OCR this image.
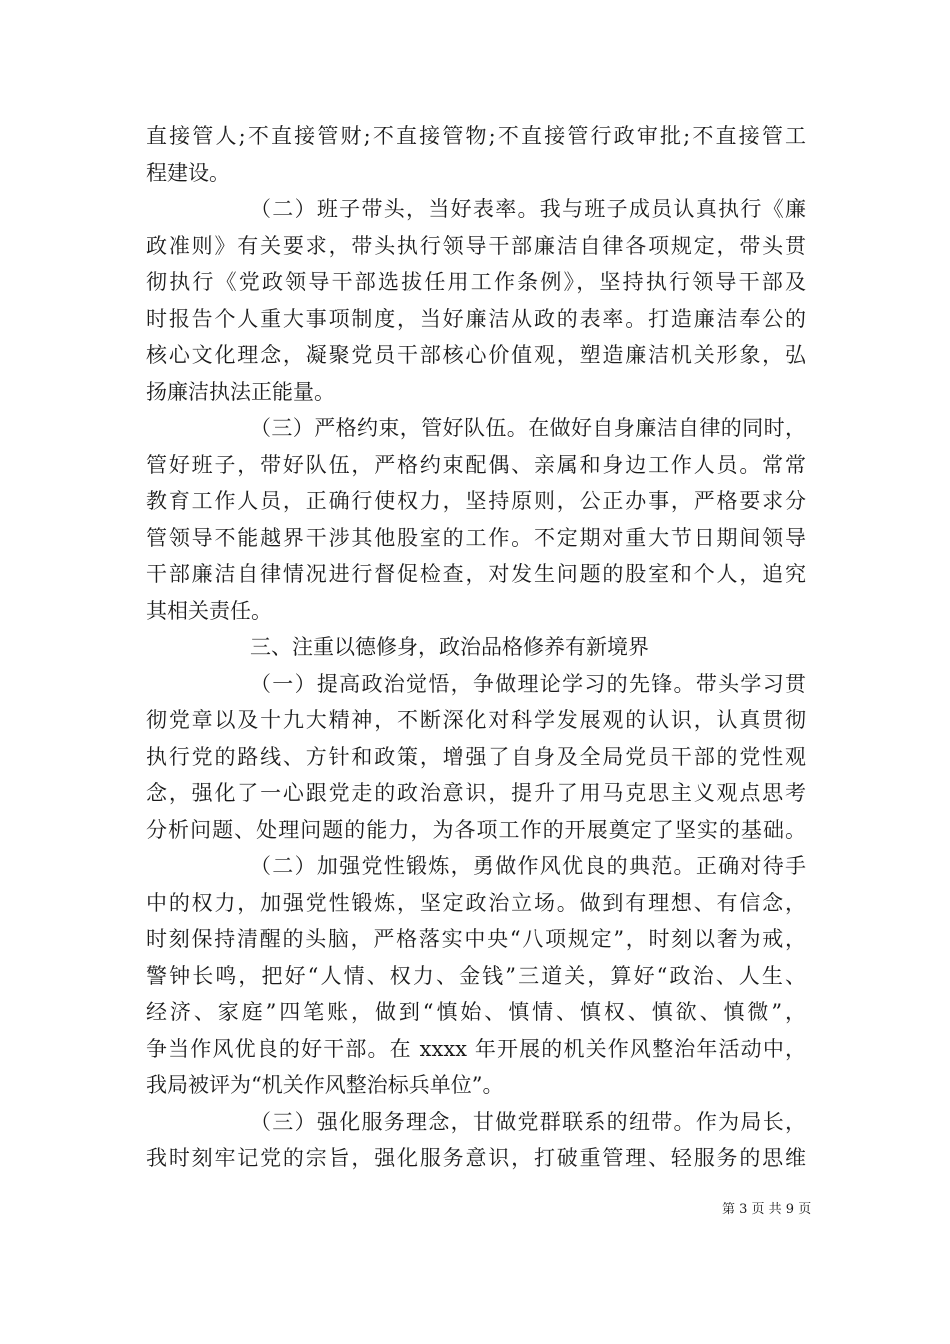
直接管人;不直接管财;不直接管物;不直接管行政审批;不直接管工
程建设。
（二）班子带头，当好表率。我与班子成员认真执行《廉
政准则》有关要求，带头执行领导干部廉洁自律各项规定，带头贯
彻执行《党政领导干部选拔任用工作条例》，坚持执行领导干部及
时报告个人重大事项制度，当好廉洁从政的表率。打造廉洁奉公的
核心文化理念，凝聚党员干部核心价值观，塑造廉洁机关形象，弘
扬廉洁执法正能量。
（三）严格约束，管好队伍。在做好自身廉洁自律的同时，
管好班子，带好队伍，严格约束配偶、亲属和身边工作人员。常常
教育工作人员，正确行使权力，坚持原则，公正办事，严格要求分
管领导不能越界干涉其他股室的工作。不定期对重大节日期间领导
干部廉洁自律情况进行督促检查，对发生问题的股室和个人，追究
其相关责任。
三、注重以德修身，政治品格修养有新境界
（一）提高政治觉悟，争做理论学习的先锋。带头学习贯
彻党章以及十九大精神，不断深化对科学发展观的认识，认真贯彻
执行党的路线、方针和政策，增强了自身及全局党员干部的党性观
念，强化了一心跟党走的政治意识，提升了用马克思主义观点思考
分析问题、处理问题的能力，为各项工作的开展奠定了坚实的基础。
（二）加强党性锻炼，勇做作风优良的典范。正确对待手
中的权力，加强党性锻炼，坚定政治立场。做到有理想、有信念，
时刻保持清醒的头脑，严格落实中央“八项规定”，时刻以奢为戒，
警钟长鸣，把好“人情、权力、金钱”三道关，算好“政治、人生、
经济、家庭”四笔账，做到“慎始、慎情、慎权、慎欲、慎微”，
争当作风优良的好干部。在 xxxx 年开展的机关作风整治年活动中，
我局被评为“机关作风整治标兵单位”。
（三）强化服务理念，甘做党群联系的纽带。作为局长，
我时刻牢记党的宗旨，强化服务意识，打破重管理、轻服务的思维
第 3 页 共 9 页
